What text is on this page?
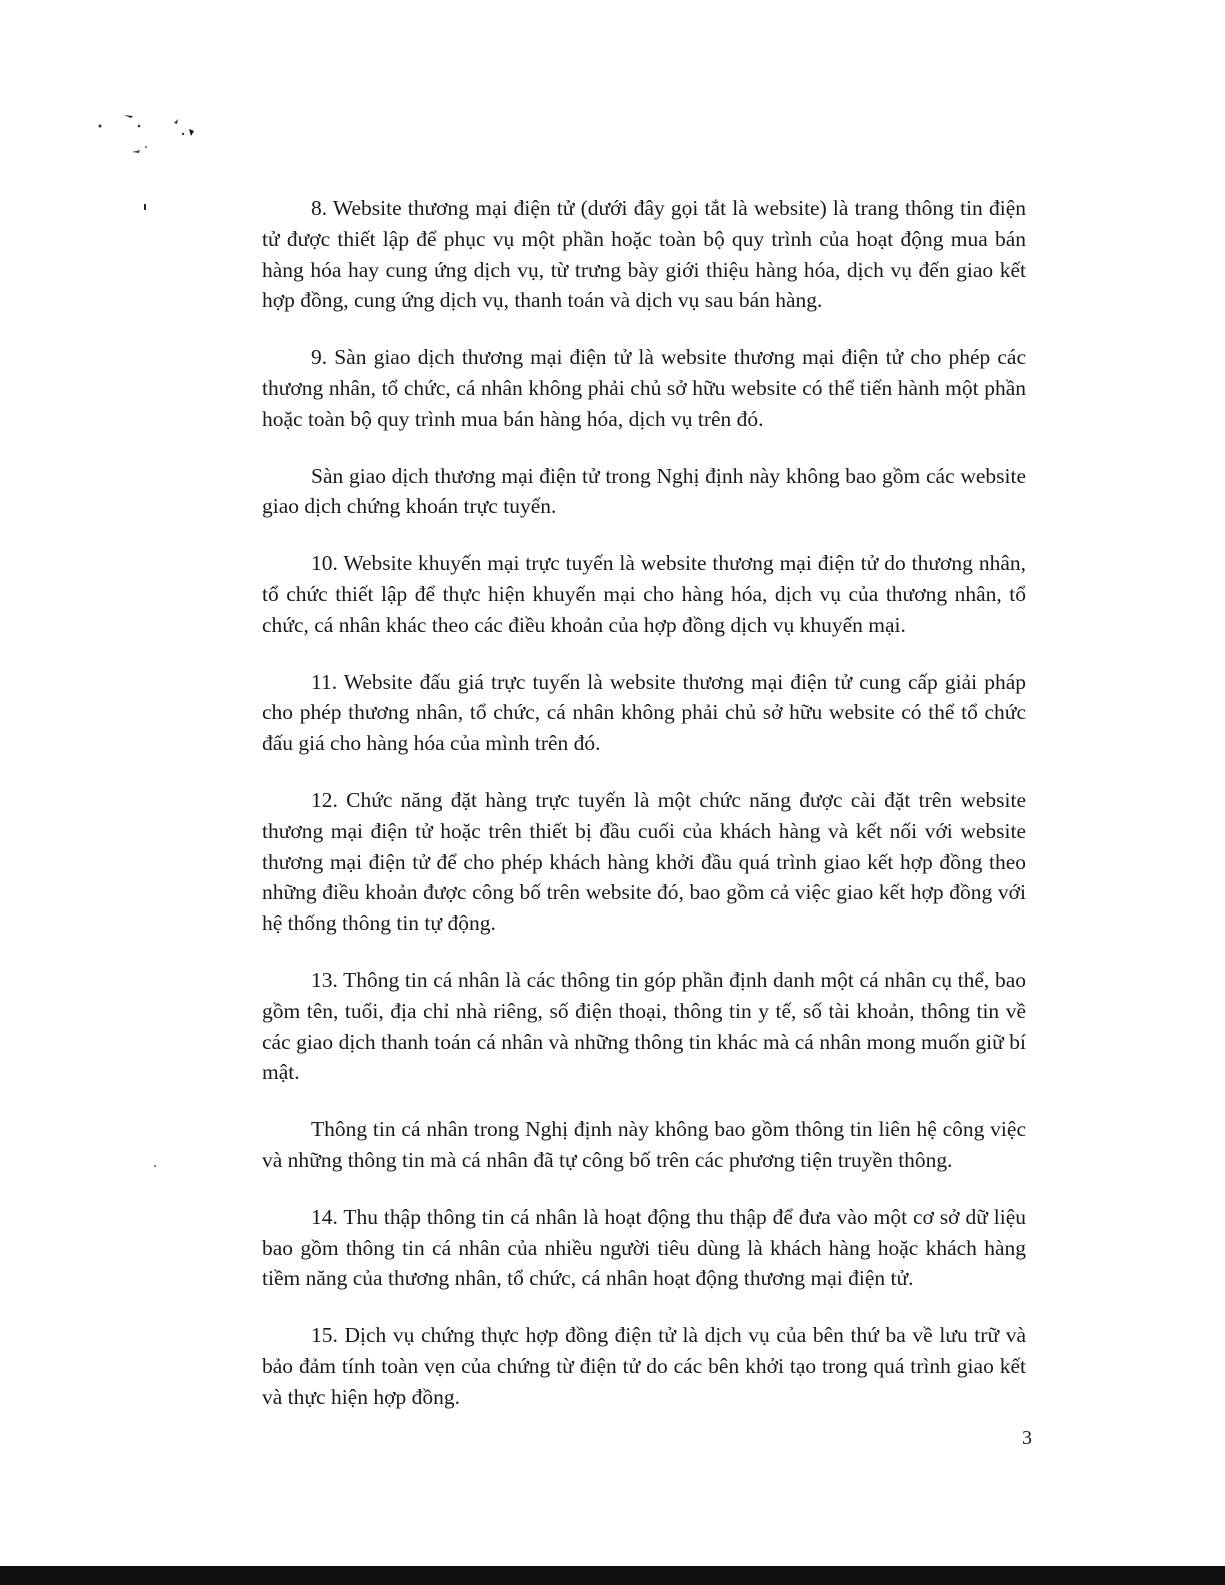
8. Website thương mại điện tử (dưới đây gọi tắt là website) là trang thông tin điện tử được thiết lập để phục vụ một phần hoặc toàn bộ quy trình của hoạt động mua bán hàng hóa hay cung ứng dịch vụ, từ trưng bày giới thiệu hàng hóa, dịch vụ đến giao kết hợp đồng, cung ứng dịch vụ, thanh toán và dịch vụ sau bán hàng.

9. Sàn giao dịch thương mại điện tử là website thương mại điện tử cho phép các thương nhân, tổ chức, cá nhân không phải chủ sở hữu website có thể tiến hành một phần hoặc toàn bộ quy trình mua bán hàng hóa, dịch vụ trên đó.

Sàn giao dịch thương mại điện tử trong Nghị định này không bao gồm các website giao dịch chứng khoán trực tuyến.

10. Website khuyến mại trực tuyến là website thương mại điện tử do thương nhân, tổ chức thiết lập để thực hiện khuyến mại cho hàng hóa, dịch vụ của thương nhân, tổ chức, cá nhân khác theo các điều khoản của hợp đồng dịch vụ khuyến mại.

11. Website đấu giá trực tuyến là website thương mại điện tử cung cấp giải pháp cho phép thương nhân, tổ chức, cá nhân không phải chủ sở hữu website có thể tổ chức đấu giá cho hàng hóa của mình trên đó.

12. Chức năng đặt hàng trực tuyến là một chức năng được cài đặt trên website thương mại điện tử hoặc trên thiết bị đầu cuối của khách hàng và kết nối với website thương mại điện tử để cho phép khách hàng khởi đầu quá trình giao kết hợp đồng theo những điều khoản được công bố trên website đó, bao gồm cả việc giao kết hợp đồng với hệ thống thông tin tự động.

13. Thông tin cá nhân là các thông tin góp phần định danh một cá nhân cụ thể, bao gồm tên, tuổi, địa chỉ nhà riêng, số điện thoại, thông tin y tế, số tài khoản, thông tin về các giao dịch thanh toán cá nhân và những thông tin khác mà cá nhân mong muốn giữ bí mật.

Thông tin cá nhân trong Nghị định này không bao gồm thông tin liên hệ công việc và những thông tin mà cá nhân đã tự công bố trên các phương tiện truyền thông.

14. Thu thập thông tin cá nhân là hoạt động thu thập để đưa vào một cơ sở dữ liệu bao gồm thông tin cá nhân của nhiều người tiêu dùng là khách hàng hoặc khách hàng tiềm năng của thương nhân, tổ chức, cá nhân hoạt động thương mại điện tử.

15. Dịch vụ chứng thực hợp đồng điện tử là dịch vụ của bên thứ ba về lưu trữ và bảo đảm tính toàn vẹn của chứng từ điện tử do các bên khởi tạo trong quá trình giao kết và thực hiện hợp đồng.

3
